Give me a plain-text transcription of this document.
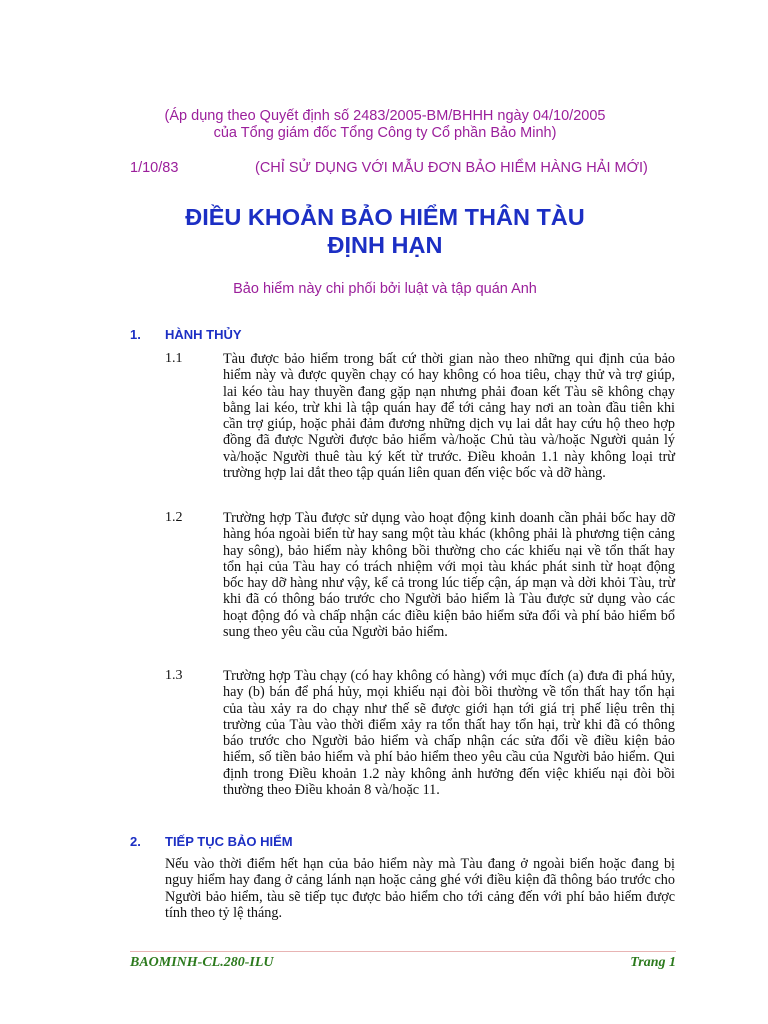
(Áp dụng theo Quyết định số 2483/2005-BM/BHHH ngày 04/10/2005
của Tổng giám đốc Tổng Công ty Cổ phần Bảo Minh)
1/10/83	(CHỈ SỬ DỤNG VỚI MẪU ĐƠN BẢO HIỂM HÀNG HẢI MỚI)
ĐIỀU KHOẢN BẢO HIỂM THÂN TÀU
ĐỊNH HẠN
Bảo hiểm này chi phối bởi luật và tập quán Anh
1. HÀNH THỦY
1.1	Tàu được bảo hiểm trong bất cứ thời gian nào theo những qui định của bảo hiểm này và được quyền chạy có hay không có hoa tiêu, chạy thử và trợ giúp, lai kéo tàu hay thuyền đang gặp nạn nhưng phải đoan kết Tàu sẽ không chạy bằng lai kéo, trừ khi là tập quán hay để tới cảng hay nơi an toàn đầu tiên khi cần trợ giúp, hoặc phải đảm đương những dịch vụ lai dắt hay cứu hộ theo hợp đồng đã được Người được bảo hiểm và/hoặc Chủ tàu và/hoặc Người quản lý và/hoặc Người thuê tàu ký kết từ trước. Điều khoản 1.1 này không loại trừ trường hợp lai dắt theo tập quán liên quan đến việc bốc và dỡ hàng.
1.2	Trường hợp Tàu được sử dụng vào hoạt động kinh doanh cần phải bốc hay dỡ hàng hóa ngoài biển từ hay sang một tàu khác (không phải là phương tiện cảng hay sông), bảo hiểm này không bồi thường cho các khiếu nại về tổn thất hay tổn hại của Tàu hay có trách nhiệm với mọi tàu khác phát sinh từ hoạt động bốc hay dỡ hàng như vậy, kể cả trong lúc tiếp cận, áp mạn và dời khỏi Tàu, trừ khi đã có thông báo trước cho Người bảo hiểm là Tàu được sử dụng vào các hoạt động đó và chấp nhận các điều kiện bảo hiểm sửa đổi và phí bảo hiểm bổ sung theo yêu cầu của Người bảo hiểm.
1.3	Trường hợp Tàu chạy (có hay không có hàng) với mục đích (a) đưa đi phá hủy, hay (b) bán để phá hủy, mọi khiếu nại đòi bồi thường về tổn thất hay tổn hại của tàu xảy ra do chạy như thế sẽ được giới hạn tới giá trị phế liệu trên thị trường của Tàu vào thời điểm xảy ra tổn thất hay tổn hại, trừ khi đã có thông báo trước cho Người bảo hiểm và chấp nhận các sửa đổi về điều kiện bảo hiểm, số tiền bảo hiểm và phí bảo hiểm theo yêu cầu của Người bảo hiểm. Qui định trong Điều khoản 1.2 này không ảnh hưởng đến việc khiếu nại đòi bồi thường theo Điều khoản 8 và/hoặc 11.
2. TIẾP TỤC BẢO HIỂM
Nếu vào thời điểm hết hạn của bảo hiểm này mà Tàu đang ở ngoài biển hoặc đang bị nguy hiểm hay đang ở cảng lánh nạn hoặc cảng ghé với điều kiện đã thông báo trước cho Người bảo hiểm, tàu sẽ tiếp tục được bảo hiểm cho tới cảng đến với phí bảo hiểm được tính theo tỷ lệ tháng.
BAOMINH-CL.280-ILU	Trang 1
